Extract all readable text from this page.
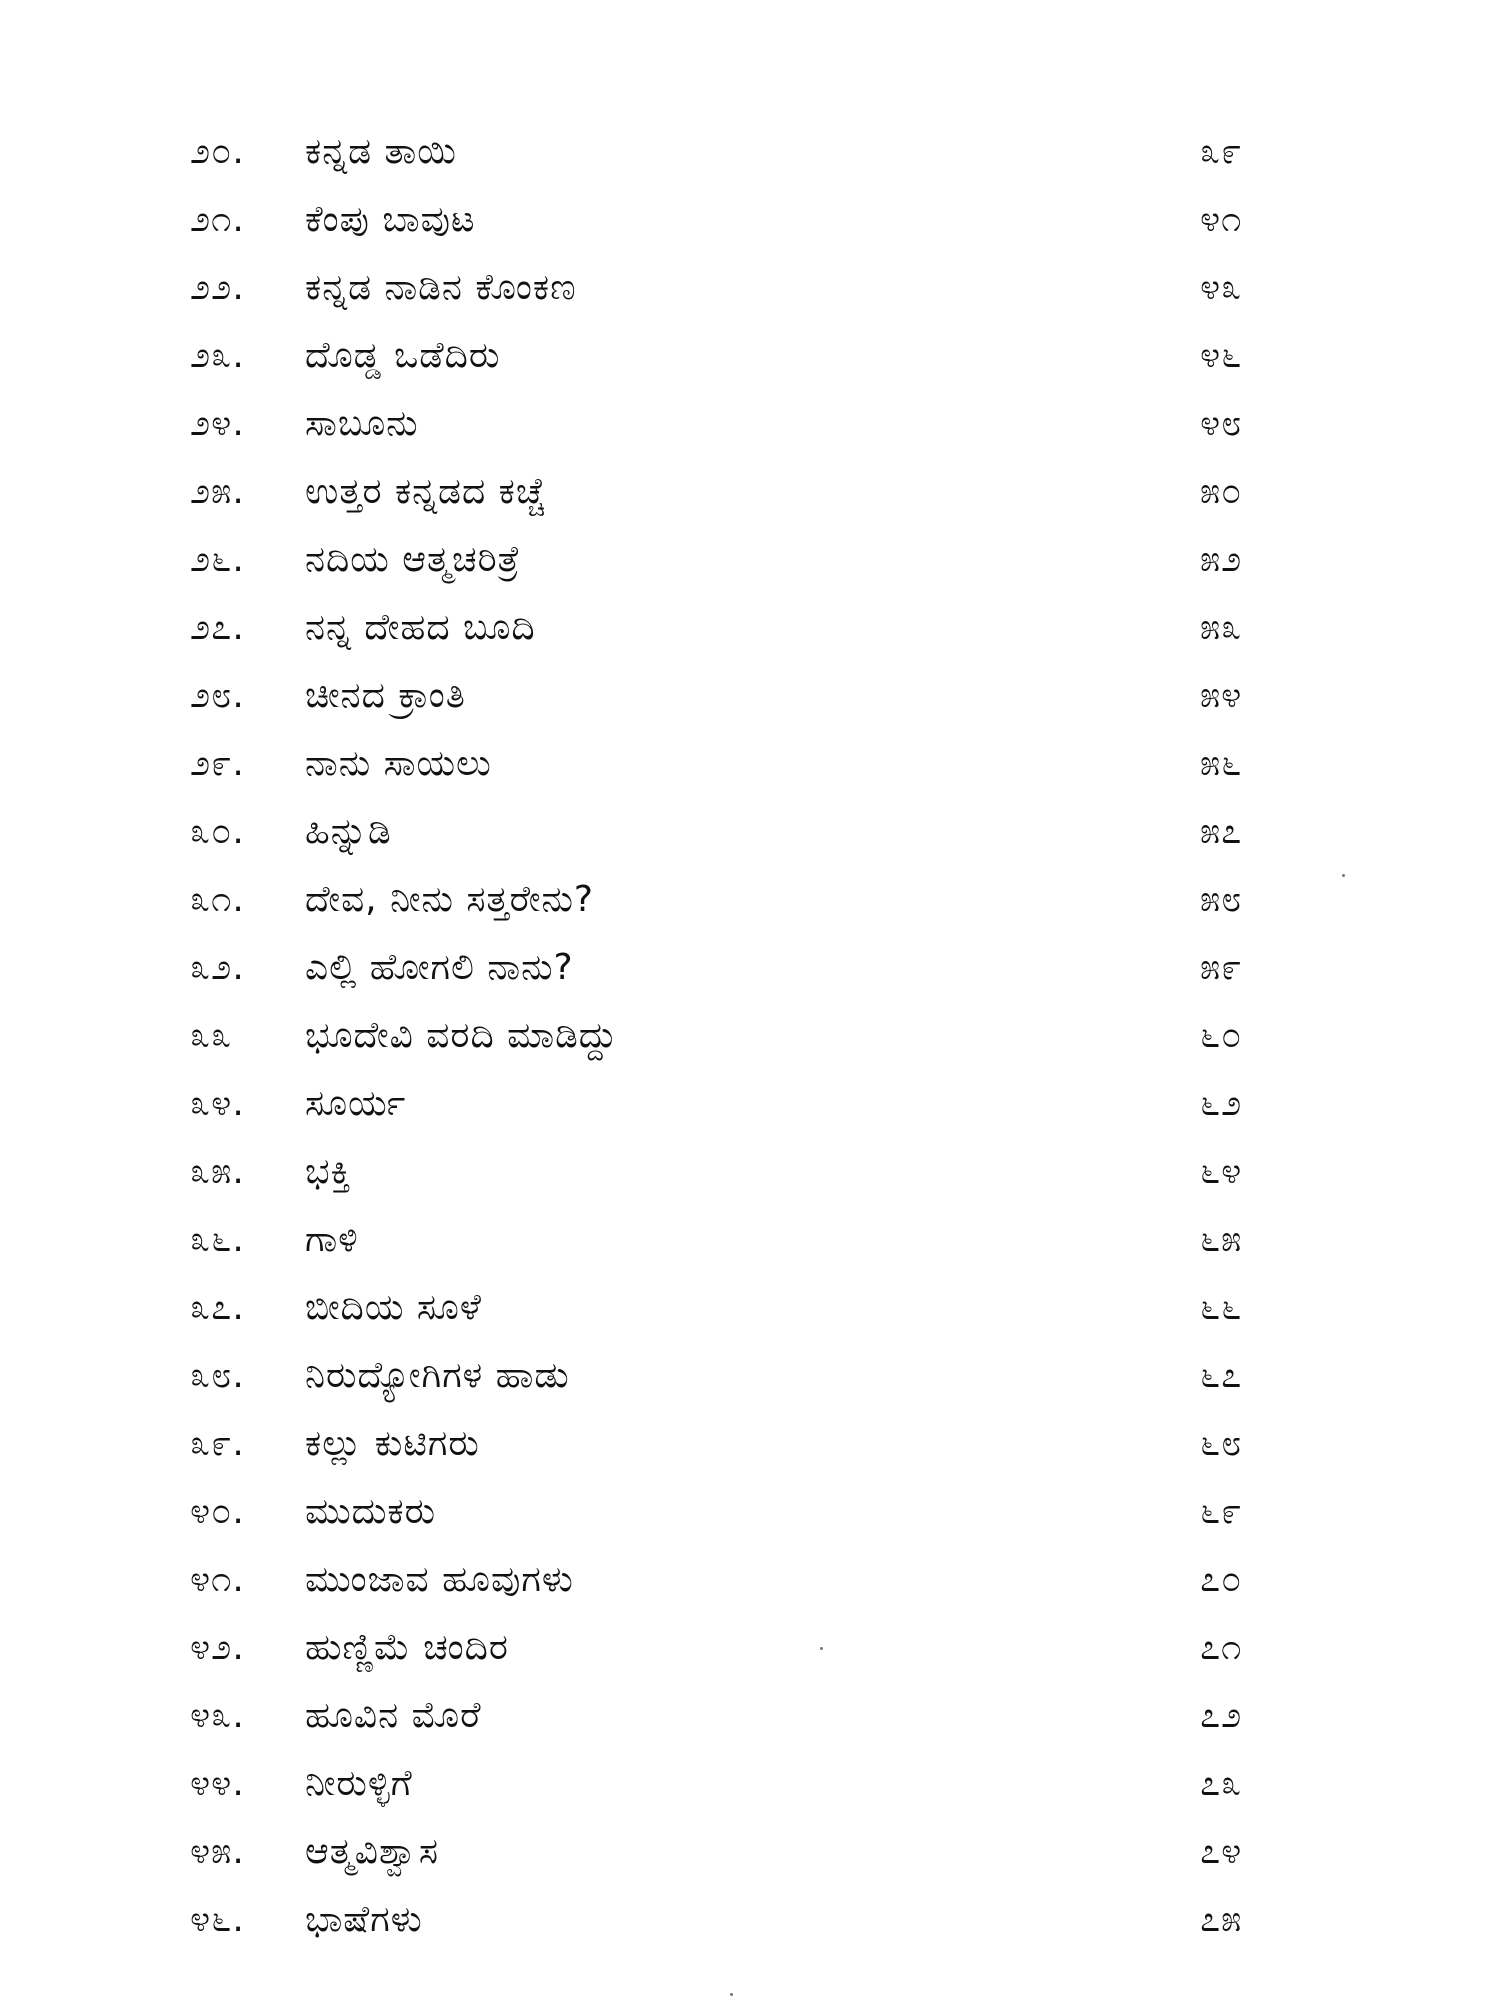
೨೦.	ಕನ್ನಡ ತಾಯಿ	೩೯
೨೧.	ಕೆಂಪು ಬಾವುಟ	೪೧
೨೨.	ಕನ್ನಡ ನಾಡಿನ ಕೊಂಕಣ	೪೩
೨೩.	ದೊಡ್ಡ ಒಡೆದಿರು	೪೬
೨೪.	ಸಾಬೂನು	೪೮
೨೫.	ಉತ್ತರ ಕನ್ನಡದ ಕಚ್ಚೆ	೫೦
೨೬.	ನದಿಯ ಆತ್ಮಚರಿತ್ರೆ	೫೨
೨೭.	ನನ್ನ ದೇಹದ ಬೂದಿ	೫೩
೨೮.	ಚೀನದ ಕ್ರಾಂತಿ	೫೪
೨೯.	ನಾನು ಸಾಯಲು	೫೬
೩೦.	ಹಿನ್ನುಡಿ	೫೭
೩೧.	ದೇವ, ನೀನು ಸತ್ತರೇನು?	೫೮
೩೨.	ಎಲ್ಲಿ ಹೋಗಲಿ ನಾನು?	೫೯
೩೩	ಭೂದೇವಿ ವರದಿ ಮಾಡಿದ್ದು	೬೦
೩೪.	ಸೂರ್ಯ	೬೨
೩೫.	ಭಕ್ತಿ	೬೪
೩೬.	ಗಾಳಿ	೬೫
೩೭.	ಬೀದಿಯ ಸೂಳೆ	೬೬
೩೮.	ನಿರುದ್ಯೋಗಿಗಳ ಹಾಡು	೬೭
೩೯.	ಕಲ್ಲು ಕುಟಿಗರು	೬೮
೪೦.	ಮುದುಕರು	೬೯
೪೧.	ಮುಂಜಾವ ಹೂವುಗಳು	೭೦
೪೨.	ಹುಣ್ಣಿಮೆ ಚಂದಿರ	೭೧
೪೩.	ಹೂವಿನ ಮೊರೆ	೭೨
೪೪.	ನೀರುಳ್ಳಿಗೆ	೭೩
೪೫.	ಆತ್ಮವಿಶ್ವಾಸ	೭೪
೪೬.	ಭಾಷೆಗಳು	೭೫
